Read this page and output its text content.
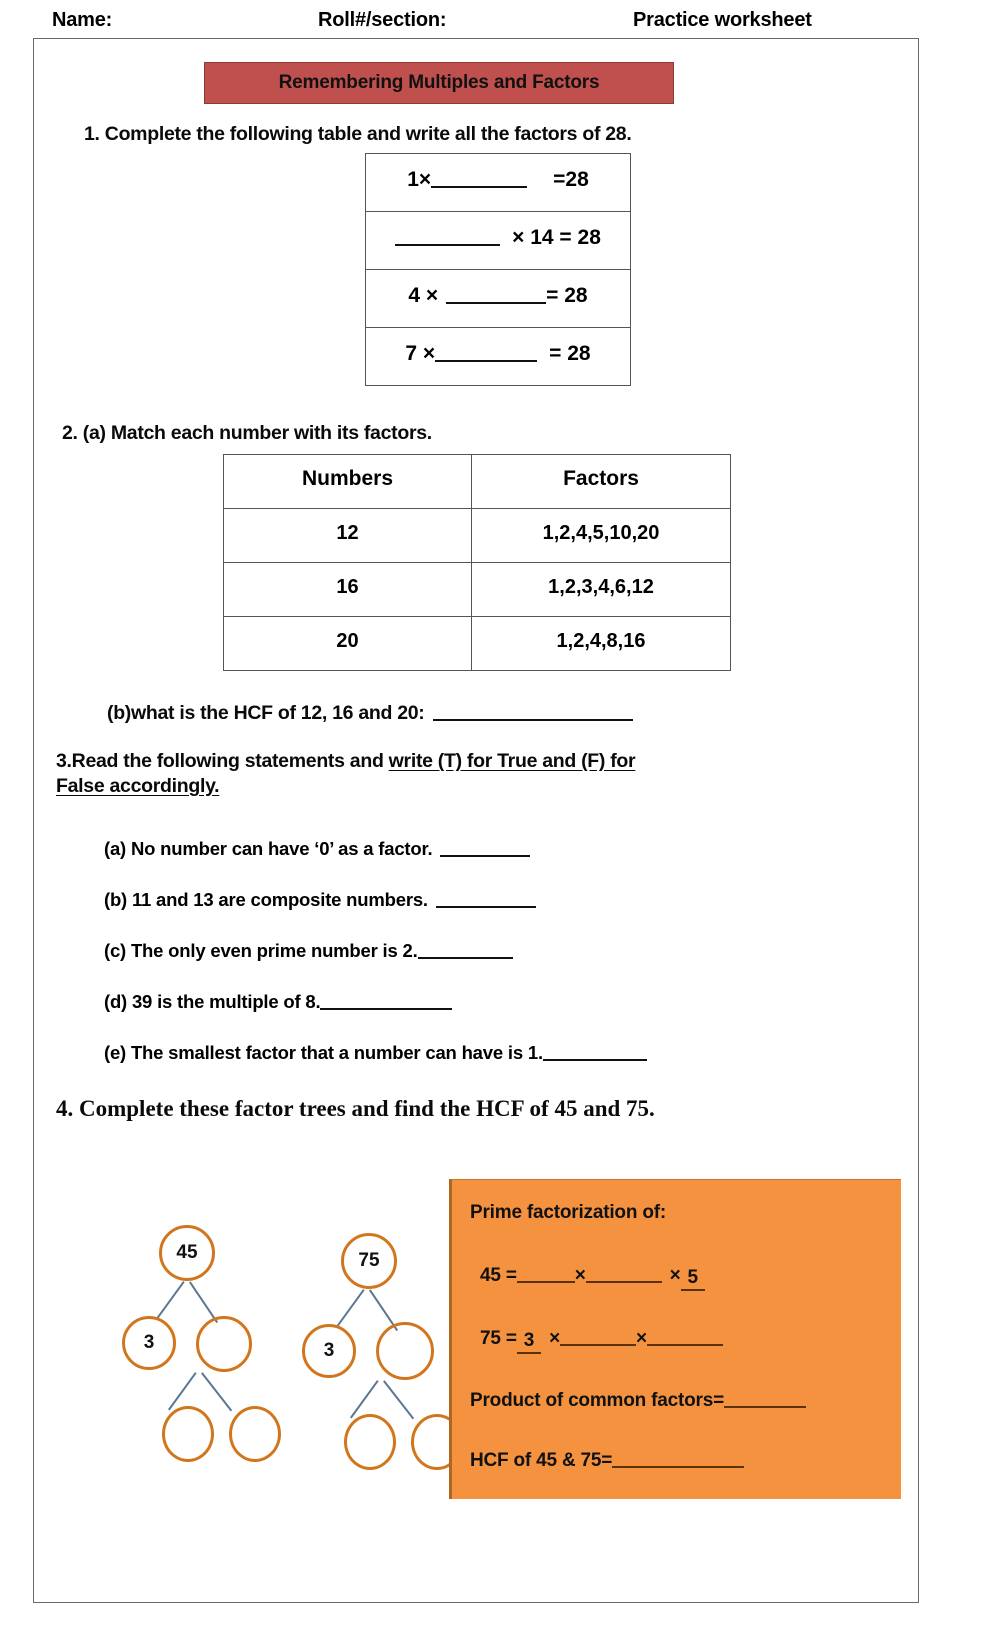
Name:	Roll#/section:	Practice worksheet
Remembering Multiples and Factors
1. Complete the following table and write all the factors of 28.
1×	=28
× 14 = 28
4 ×	= 28
7 ×	= 28
2. (a) Match each number with its factors.
Numbers	Factors
12	1,2,4,5,10,20
16	1,2,3,4,6,12
20	1,2,4,8,16
(b)what is the HCF of 12, 16 and 20:
3.Read the following statements and write (T) for True and (F) for
False accordingly.
(a) No number can have ‘0’ as a factor.
(b) 11 and 13 are composite numbers.
(c) The only even prime number is 2.
(d) 39 is the multiple of 8.
(e) The smallest factor that a number can have is 1.
4. Complete these factor trees and find the HCF of 45 and 75.
45
3
75
3
Prime factorization of:
45 =	×	× 5
75 = 3 ×	×
Product of common factors=
HCF of 45 & 75=
